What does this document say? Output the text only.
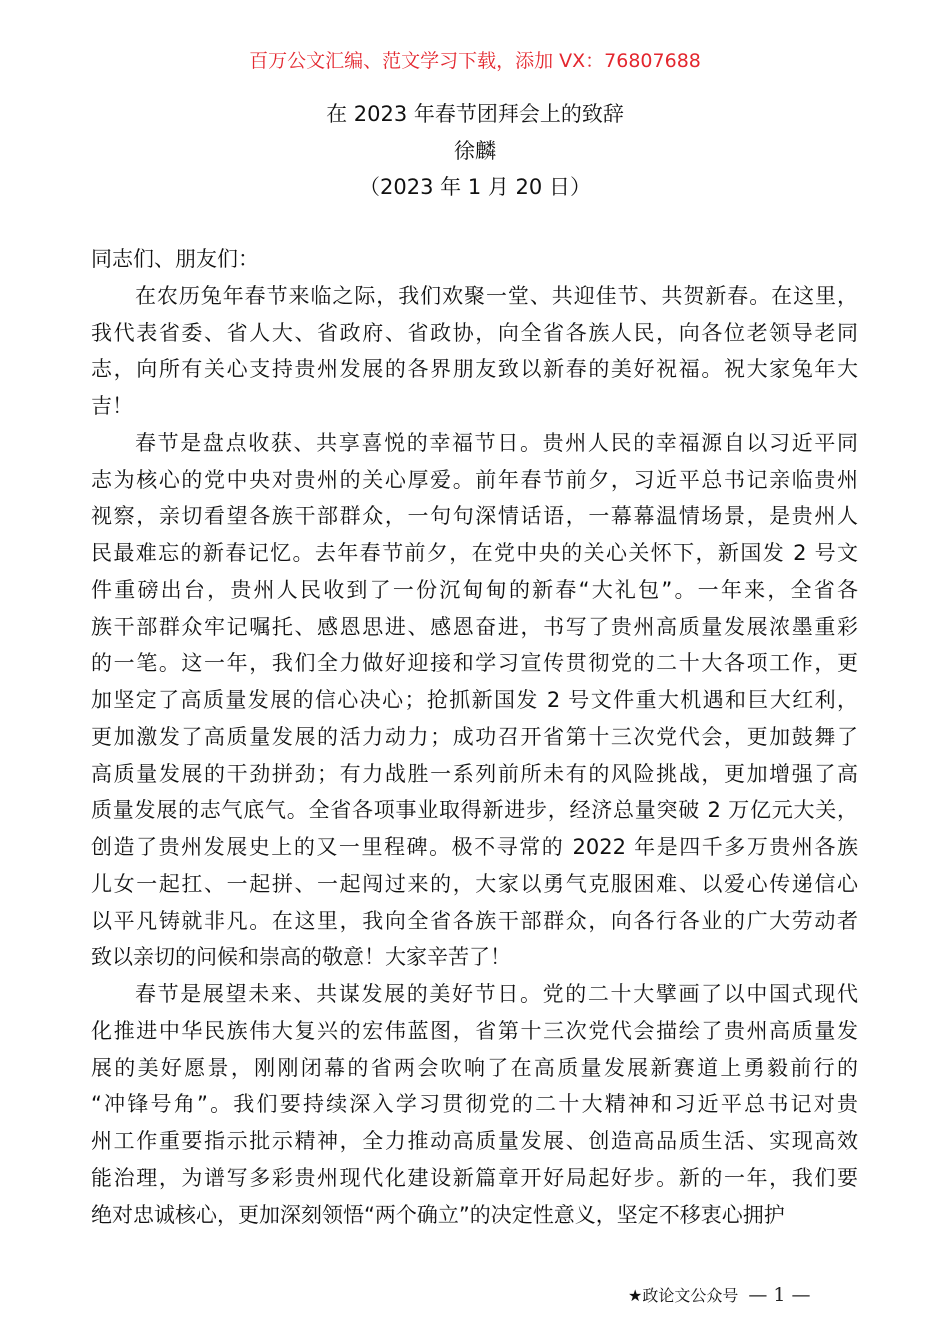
百万公文汇编、范文学习下载，添加 VX：76807688
在 2023 年春节团拜会上的致辞
徐麟
（2023 年 1 月 20 日）
同志们、朋友们：
在农历兔年春节来临之际，我们欢聚一堂、共迎佳节、共贺新春。在这里，
我代表省委、省人大、省政府、省政协，向全省各族人民，向各位老领导老同
志，向所有关心支持贵州发展的各界朋友致以新春的美好祝福。祝大家兔年大
吉！
春节是盘点收获、共享喜悦的幸福节日。贵州人民的幸福源自以习近平同
志为核心的党中央对贵州的关心厚爱。前年春节前夕，习近平总书记亲临贵州
视察，亲切看望各族干部群众，一句句深情话语，一幕幕温情场景，是贵州人
民最难忘的新春记忆。去年春节前夕，在党中央的关心关怀下，新国发 2 号文
件重磅出台，贵州人民收到了一份沉甸甸的新春“大礼包”。一年来，全省各
族干部群众牢记嘱托、感恩思进、感恩奋进，书写了贵州高质量发展浓墨重彩
的一笔。这一年，我们全力做好迎接和学习宣传贯彻党的二十大各项工作，更
加坚定了高质量发展的信心决心；抢抓新国发 2 号文件重大机遇和巨大红利，
更加激发了高质量发展的活力动力；成功召开省第十三次党代会，更加鼓舞了
高质量发展的干劲拼劲；有力战胜一系列前所未有的风险挑战，更加增强了高
质量发展的志气底气。全省各项事业取得新进步，经济总量突破 2 万亿元大关，
创造了贵州发展史上的又一里程碑。极不寻常的 2022 年是四千多万贵州各族
儿女一起扛、一起拼、一起闯过来的，大家以勇气克服困难、以爱心传递信心
以平凡铸就非凡。在这里，我向全省各族干部群众，向各行各业的广大劳动者
致以亲切的问候和崇高的敬意！大家辛苦了！
春节是展望未来、共谋发展的美好节日。党的二十大擘画了以中国式现代
化推进中华民族伟大复兴的宏伟蓝图，省第十三次党代会描绘了贵州高质量发
展的美好愿景，刚刚闭幕的省两会吹响了在高质量发展新赛道上勇毅前行的
“冲锋号角”。我们要持续深入学习贯彻党的二十大精神和习近平总书记对贵
州工作重要指示批示精神，全力推动高质量发展、创造高品质生活、实现高效
能治理，为谱写多彩贵州现代化建设新篇章开好局起好步。新的一年，我们要
绝对忠诚核心，更加深刻领悟“两个确立”的决定性意义，坚定不移衷心拥护
★政论文公众号 — 1 —
